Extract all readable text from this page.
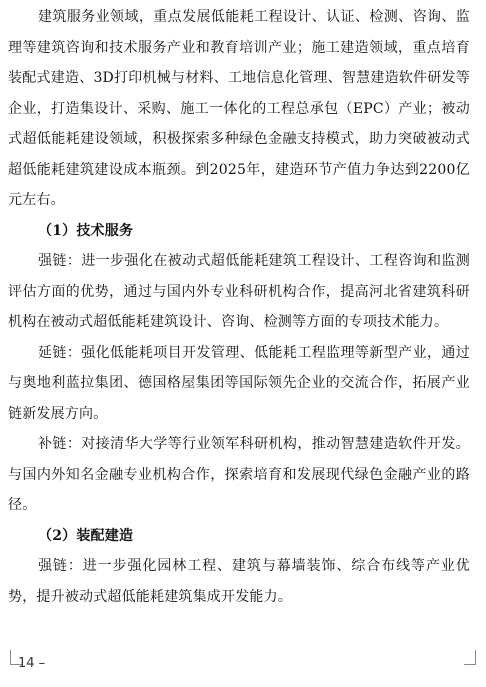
建筑服务业领域，重点发展低能耗工程设计、认证、检测、咨询、监理等建筑咨询和技术服务产业和教育培训产业；施工建造领域，重点培育装配式建造、3D打印机械与材料、工地信息化管理、智慧建造软件研发等企业，打造集设计、采购、施工一体化的工程总承包（EPC）产业；被动式超低能耗建设领域，积极探索多种绿色金融支持模式，助力突破被动式超低能耗建筑建设成本瓶颈。到2025年，建造环节产值力争达到2200亿元左右。

（1）技术服务

强链：进一步强化在被动式超低能耗建筑工程设计、工程咨询和监测评估方面的优势，通过与国内外专业科研机构合作，提高河北省建筑科研机构在被动式超低能耗建筑设计、咨询、检测等方面的专项技术能力。

延链：强化低能耗项目开发管理、低能耗工程监理等新型产业，通过与奥地利蓝拉集团、德国格屋集团等国际领先企业的交流合作，拓展产业链新发展方向。

补链：对接清华大学等行业领军科研机构，推动智慧建造软件开发。与国内外知名金融专业机构合作，探索培育和发展现代绿色金融产业的路径。

（2）装配建造

强链：进一步强化园林工程、建筑与幕墙装饰、综合布线等产业优势，提升被动式超低能耗建筑集成开发能力。

14 –
